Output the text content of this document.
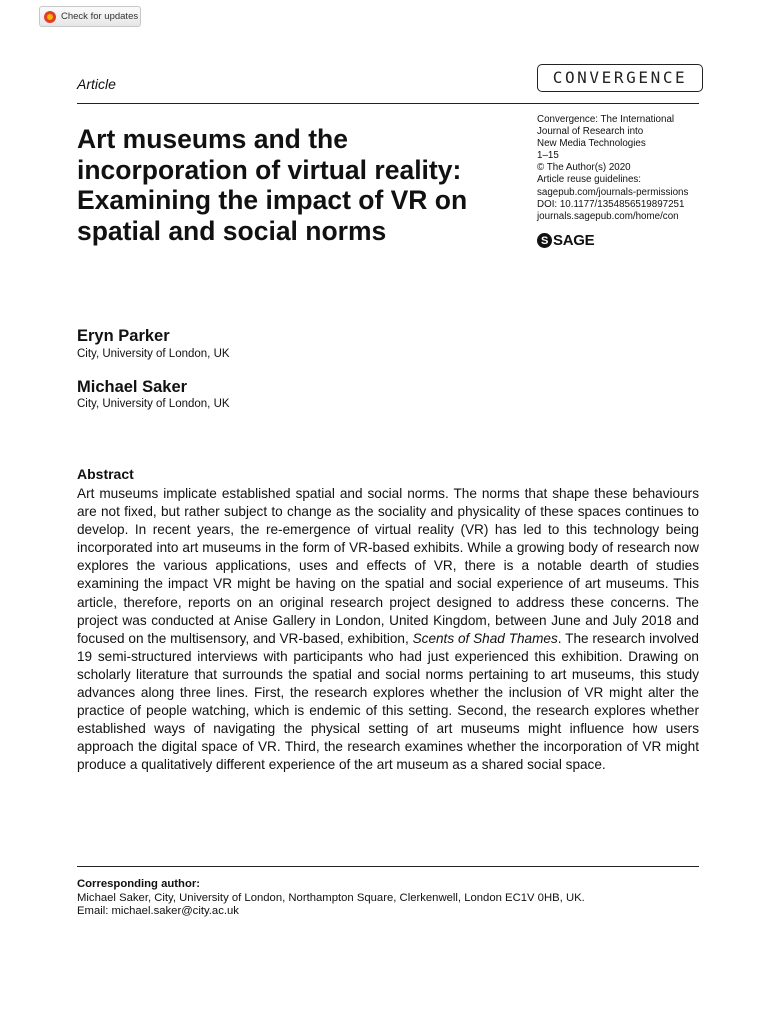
Check for updates
Article	CONVERGENCE
Art museums and the incorporation of virtual reality: Examining the impact of VR on spatial and social norms
Convergence: The International
Journal of Research into
New Media Technologies
1–15
© The Author(s) 2020
Article reuse guidelines:
sagepub.com/journals-permissions
DOI: 10.1177/1354856519897251
journals.sagepub.com/home/con
S SAGE
Eryn Parker
City, University of London, UK
Michael Saker
City, University of London, UK
Abstract

Art museums implicate established spatial and social norms. The norms that shape these behaviours are not fixed, but rather subject to change as the sociality and physicality of these spaces continues to develop. In recent years, the re-emergence of virtual reality (VR) has led to this technology being incorporated into art museums in the form of VR-based exhibits. While a growing body of research now explores the various applications, uses and effects of VR, there is a notable dearth of studies examining the impact VR might be having on the spatial and social experience of art museums. This article, therefore, reports on an original research project designed to address these concerns. The project was conducted at Anise Gallery in London, United Kingdom, between June and July 2018 and focused on the multisensory, and VR-based, exhibition, Scents of Shad Thames. The research involved 19 semi-structured interviews with participants who had just experienced this exhibition. Drawing on scholarly literature that surrounds the spatial and social norms pertaining to art museums, this study advances along three lines. First, the research explores whether the inclusion of VR might alter the practice of people watching, which is endemic of this setting. Second, the research explores whether established ways of navigating the physical setting of art museums might influence how users approach the digital space of VR. Third, the research examines whether the incorporation of VR might produce a qualitatively different experience of the art museum as a shared social space.

Corresponding author:
Michael Saker, City, University of London, Northampton Square, Clerkenwell, London EC1V 0HB, UK.
Email: michael.saker@city.ac.uk
